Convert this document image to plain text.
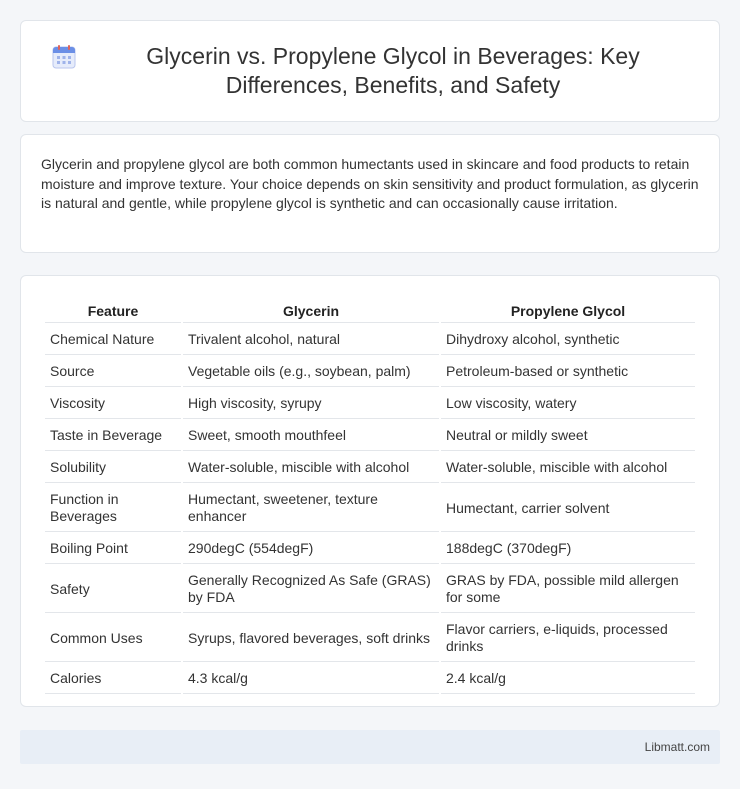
Glycerin vs. Propylene Glycol in Beverages: Key Differences, Benefits, and Safety

Glycerin and propylene glycol are both common humectants used in skincare and food products to retain moisture and improve texture. Your choice depends on skin sensitivity and product formulation, as glycerin is natural and gentle, while propylene glycol is synthetic and can occasionally cause irritation.

Feature	Glycerin	Propylene Glycol
Chemical Nature	Trivalent alcohol, natural	Dihydroxy alcohol, synthetic
Source	Vegetable oils (e.g., soybean, palm)	Petroleum-based or synthetic
Viscosity	High viscosity, syrupy	Low viscosity, watery
Taste in Beverage	Sweet, smooth mouthfeel	Neutral or mildly sweet
Solubility	Water-soluble, miscible with alcohol	Water-soluble, miscible with alcohol
Function in Beverages	Humectant, sweetener, texture enhancer	Humectant, carrier solvent
Boiling Point	290degC (554degF)	188degC (370degF)
Safety	Generally Recognized As Safe (GRAS) by FDA	GRAS by FDA, possible mild allergen for some
Common Uses	Syrups, flavored beverages, soft drinks	Flavor carriers, e-liquids, processed drinks
Calories	4.3 kcal/g	2.4 kcal/g
Libmatt.com
